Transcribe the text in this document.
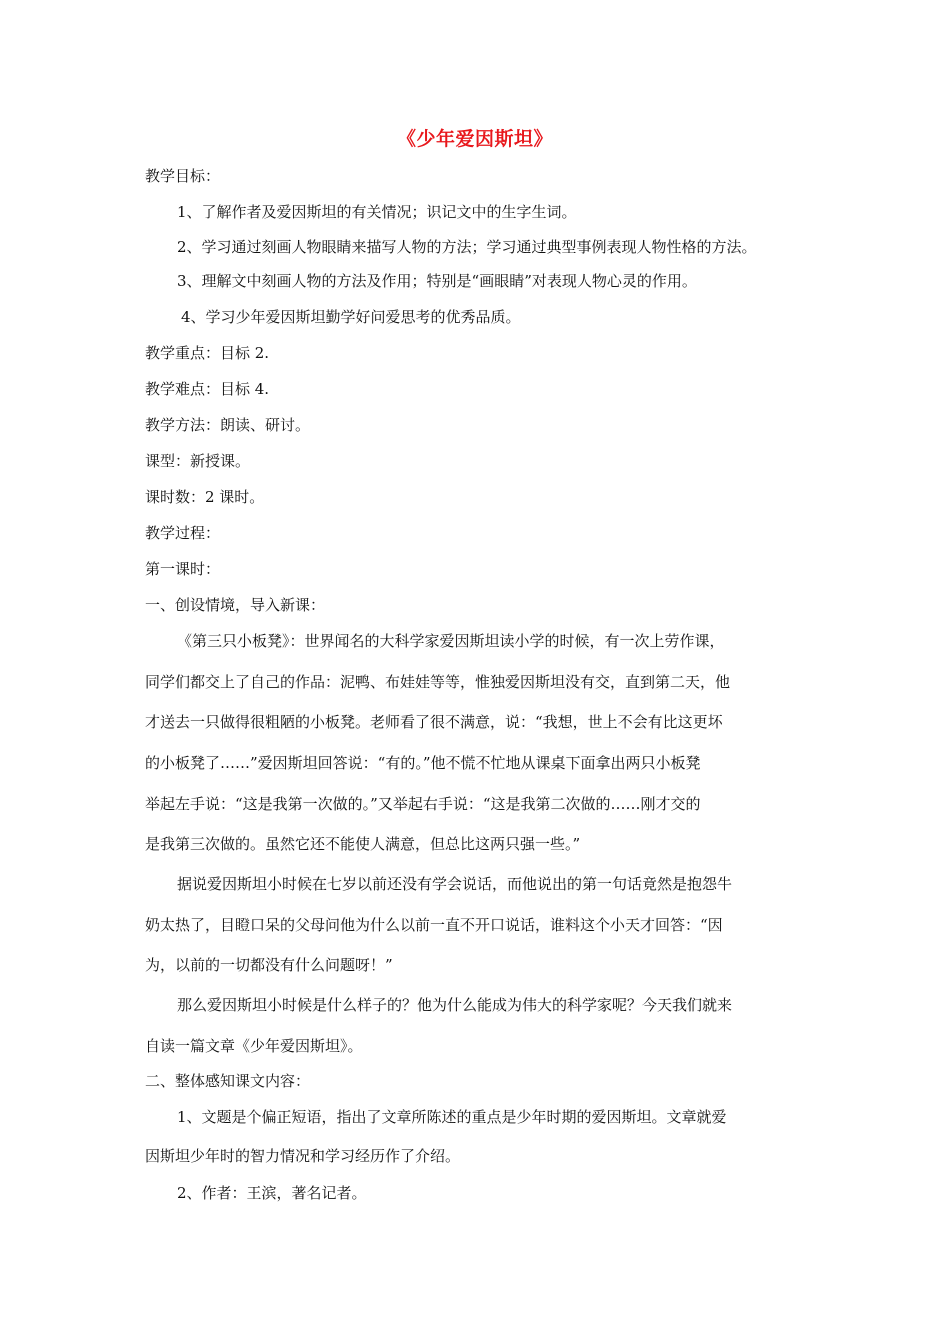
《少年爱因斯坦》
教学目标：
1、了解作者及爱因斯坦的有关情况；识记文中的生字生词。
2、学习通过刻画人物眼睛来描写人物的方法；学习通过典型事例表现人物性格的方法。
3、理解文中刻画人物的方法及作用；特别是“画眼睛”对表现人物心灵的作用。
4、学习少年爱因斯坦勤学好问爱思考的优秀品质。
教学重点：目标 2.
教学难点：目标 4.
教学方法：朗读、研讨。
课型：新授课。
课时数：2 课时。
教学过程：
第一课时：
一、创设情境，导入新课：
《第三只小板凳》：世界闻名的大科学家爱因斯坦读小学的时候，有一次上劳作课，
同学们都交上了自己的作品：泥鸭、布娃娃等等，惟独爱因斯坦没有交，直到第二天，他
才送去一只做得很粗陋的小板凳。老师看了很不满意，说：“我想，世上不会有比这更坏
的小板凳了……”爱因斯坦回答说：“有的。”他不慌不忙地从课桌下面拿出两只小板凳
举起左手说：“这是我第一次做的。”又举起右手说：“这是我第二次做的……刚才交的
是我第三次做的。虽然它还不能使人满意，但总比这两只强一些。”
据说爱因斯坦小时候在七岁以前还没有学会说话，而他说出的第一句话竟然是抱怨牛
奶太热了，目瞪口呆的父母问他为什么以前一直不开口说话，谁料这个小天才回答：“因
为，以前的一切都没有什么问题呀！”
那么爱因斯坦小时候是什么样子的？他为什么能成为伟大的科学家呢？今天我们就来
自读一篇文章《少年爱因斯坦》。
二、整体感知课文内容：
1、文题是个偏正短语，指出了文章所陈述的重点是少年时期的爱因斯坦。文章就爱
因斯坦少年时的智力情况和学习经历作了介绍。
2、作者：王滨，著名记者。
